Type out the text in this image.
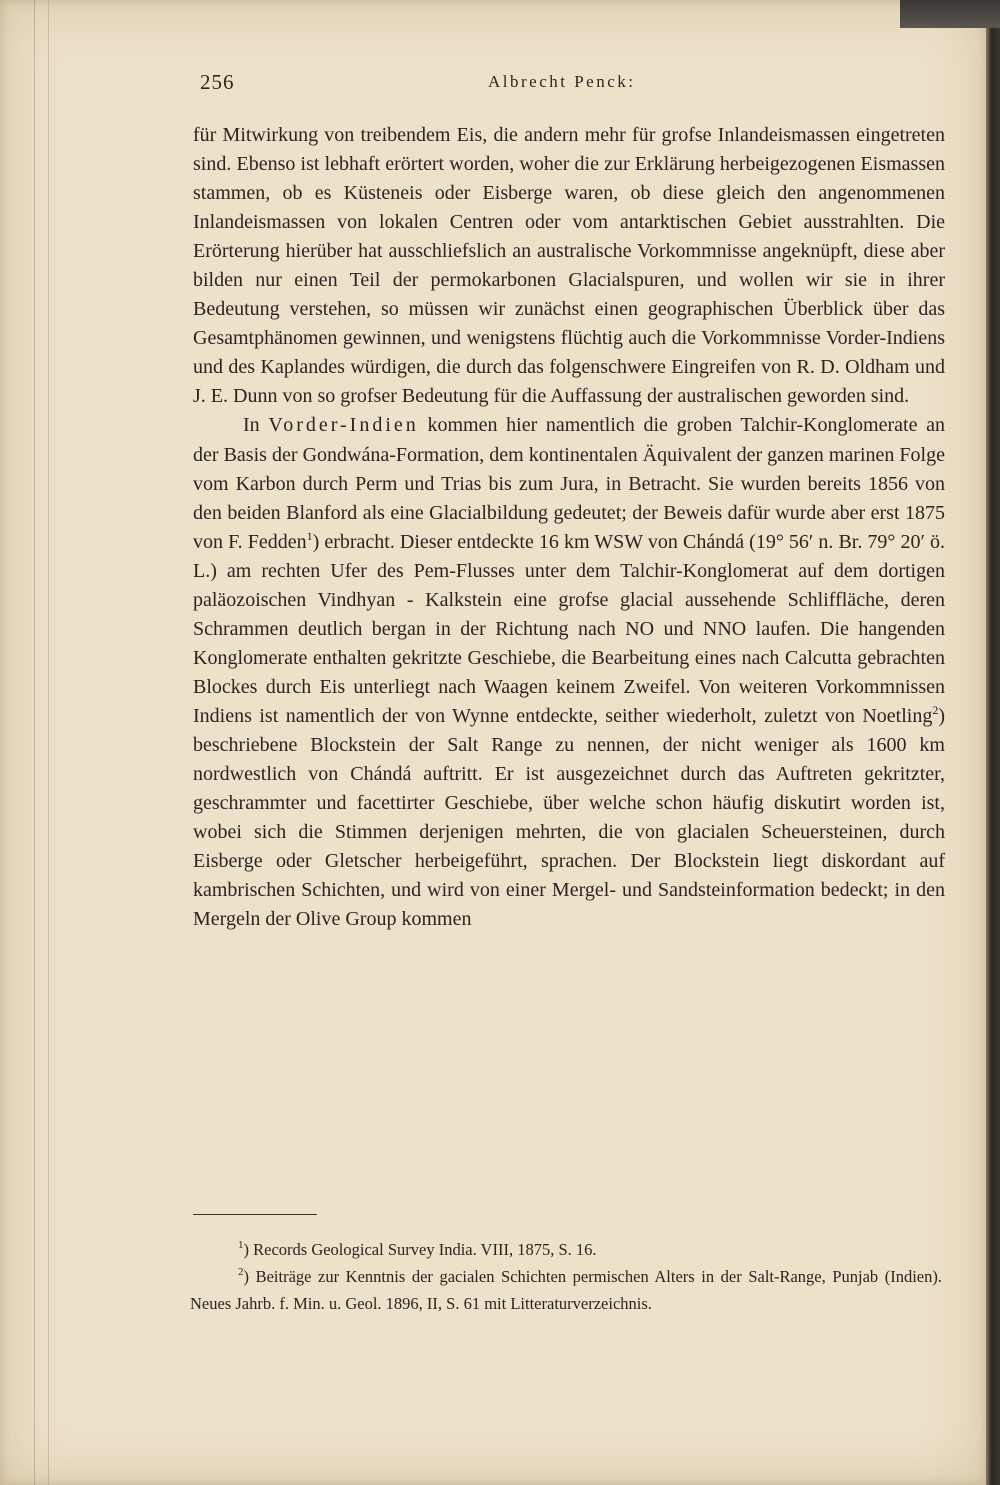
256	Albrecht Penck:

für Mitwirkung von treibendem Eis, die andern mehr für grofse Inlandeismassen eingetreten sind. Ebenso ist lebhaft erörtert worden, woher die zur Erklärung herbeigezogenen Eismassen stammen, ob es Küsteneis oder Eisberge waren, ob diese gleich den angenommenen Inlandeismassen von lokalen Centren oder vom antarktischen Gebiet ausstrahlten. Die Erörterung hierüber hat ausschliefslich an australische Vorkommnisse angeknüpft, diese aber bilden nur einen Teil der permokarbonen Glacialspuren, und wollen wir sie in ihrer Bedeutung verstehen, so müssen wir zunächst einen geographischen Überblick über das Gesamtphänomen gewinnen, und wenigstens flüchtig auch die Vorkommnisse Vorder-Indiens und des Kaplandes würdigen, die durch das folgenschwere Eingreifen von R. D. Oldham und J. E. Dunn von so grofser Bedeutung für die Auffassung der australischen geworden sind.

In Vorder-Indien kommen hier namentlich die groben Talchir-Konglomerate an der Basis der Gondwána-Formation, dem kontinentalen Äquivalent der ganzen marinen Folge vom Karbon durch Perm und Trias bis zum Jura, in Betracht. Sie wurden bereits 1856 von den beiden Blanford als eine Glacialbildung gedeutet; der Beweis dafür wurde aber erst 1875 von F. Fedden$^1$) erbracht. Dieser entdeckte 16 km WSW von Chándá (19° 56′ n. Br. 79° 20′ ö. L.) am rechten Ufer des Pem-Flusses unter dem Talchir-Konglomerat auf dem dortigen paläozoischen Vindhyan - Kalkstein eine grofse glacial aussehende Schliffläche, deren Schrammen deutlich bergan in der Richtung nach NO und NNO laufen. Die hangenden Konglomerate enthalten gekritzte Geschiebe, die Bearbeitung eines nach Calcutta gebrachten Blockes durch Eis unterliegt nach Waagen keinem Zweifel. Von weiteren Vorkommnissen Indiens ist namentlich der von Wynne entdeckte, seither wiederholt, zuletzt von Noetling$^2$) beschriebene Blockstein der Salt Range zu nennen, der nicht weniger als 1600 km nordwestlich von Chándá auftritt. Er ist ausgezeichnet durch das Auftreten gekritzter, geschrammter und facettirter Geschiebe, über welche schon häufig diskutirt worden ist, wobei sich die Stimmen derjenigen mehrten, die von glacialen Scheuersteinen, durch Eisberge oder Gletscher herbeigeführt, sprachen. Der Blockstein liegt diskordant auf kambrischen Schichten, und wird von einer Mergel- und Sandsteinformation bedeckt; in den Mergeln der Olive Group kommen

$^1$) Records Geological Survey India. VIII, 1875, S. 16.

$^2$) Beiträge zur Kenntnis der gacialen Schichten permischen Alters in der Salt-Range, Punjab (Indien). Neues Jahrb. f. Min. u. Geol. 1896, II, S. 61 mit Litteraturverzeichnis.
